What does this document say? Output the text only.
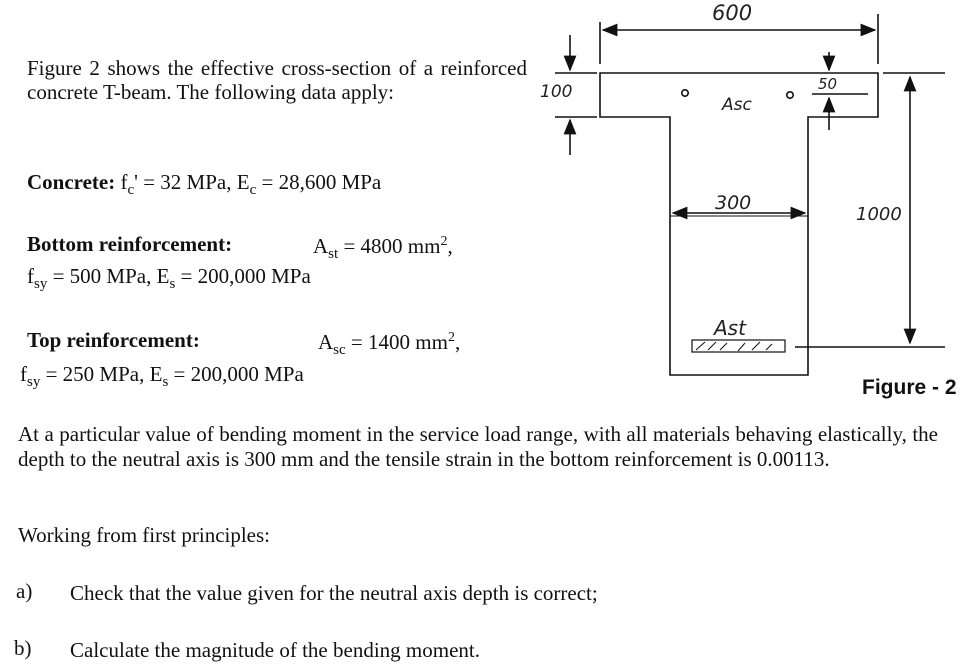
Figure 2 shows the effective cross-section of a reinforced concrete T-beam. The following data apply:
Concrete: $f_c' = 32$ MPa, $E_c = 28,600$ MPa
Bottom reinforcement:	$A_{st} = 4800$ $mm^2$,
$f_{sy} = 500$ MPa, $E_s = 200,000$ MPa
Top reinforcement:	$A_{sc} = 1400$ $mm^2$,
$f_{sy} = 250$ MPa, $E_s = 200,000$ MPa
At a particular value of bending moment in the service load range, with all materials behaving elastically, the depth to the neutral axis is 300 mm and the tensile strain in the bottom reinforcement is 0.00113.
Working from first principles:
a) Check that the value given for the neutral axis depth is correct;
b) Calculate the magnitude of the bending moment.
Figure - 2
600
100
300
1000
50
Asc
Ast
